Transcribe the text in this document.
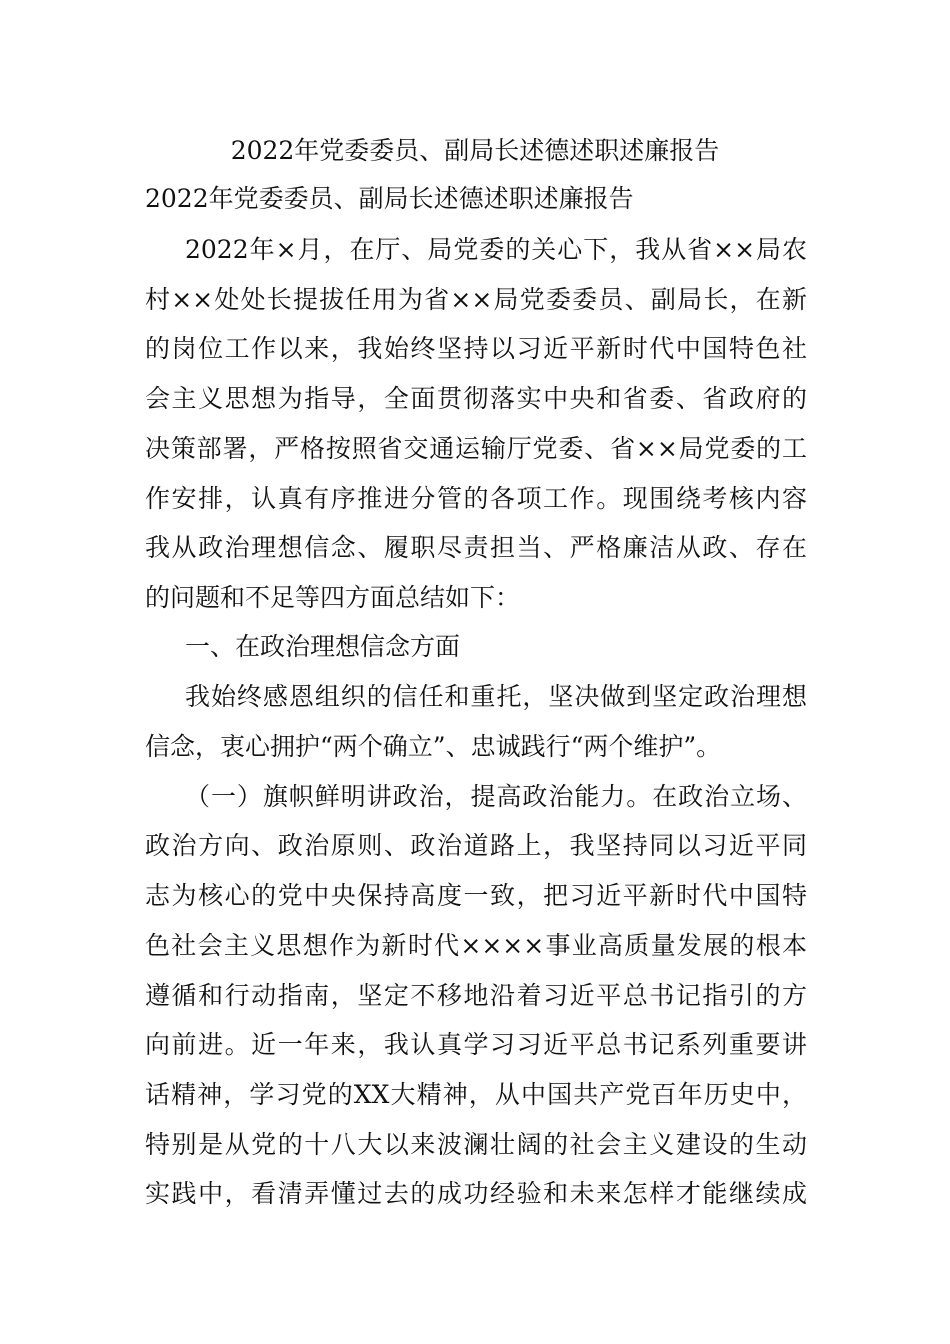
2022年党委委员、副局长述德述职述廉报告
2022年党委委员、副局长述德述职述廉报告
2022年×月，在厅、局党委的关心下，我从省××局农
村××处处长提拔任用为省××局党委委员、副局长，在新
的岗位工作以来，我始终坚持以习近平新时代中国特色社
会主义思想为指导，全面贯彻落实中央和省委、省政府的
决策部署，严格按照省交通运输厅党委、省××局党委的工
作安排，认真有序推进分管的各项工作。现围绕考核内容
我从政治理想信念、履职尽责担当、严格廉洁从政、存在
的问题和不足等四方面总结如下：
一、在政治理想信念方面
我始终感恩组织的信任和重托，坚决做到坚定政治理想
信念，衷心拥护“两个确立”、忠诚践行“两个维护”。
（一）旗帜鲜明讲政治，提高政治能力。在政治立场、
政治方向、政治原则、政治道路上，我坚持同以习近平同
志为核心的党中央保持高度一致，把习近平新时代中国特
色社会主义思想作为新时代××××事业高质量发展的根本
遵循和行动指南，坚定不移地沿着习近平总书记指引的方
向前进。近一年来，我认真学习习近平总书记系列重要讲
话精神，学习党的XX大精神，从中国共产党百年历史中，
特别是从党的十八大以来波澜壮阔的社会主义建设的生动
实践中，看清弄懂过去的成功经验和未来怎样才能继续成
